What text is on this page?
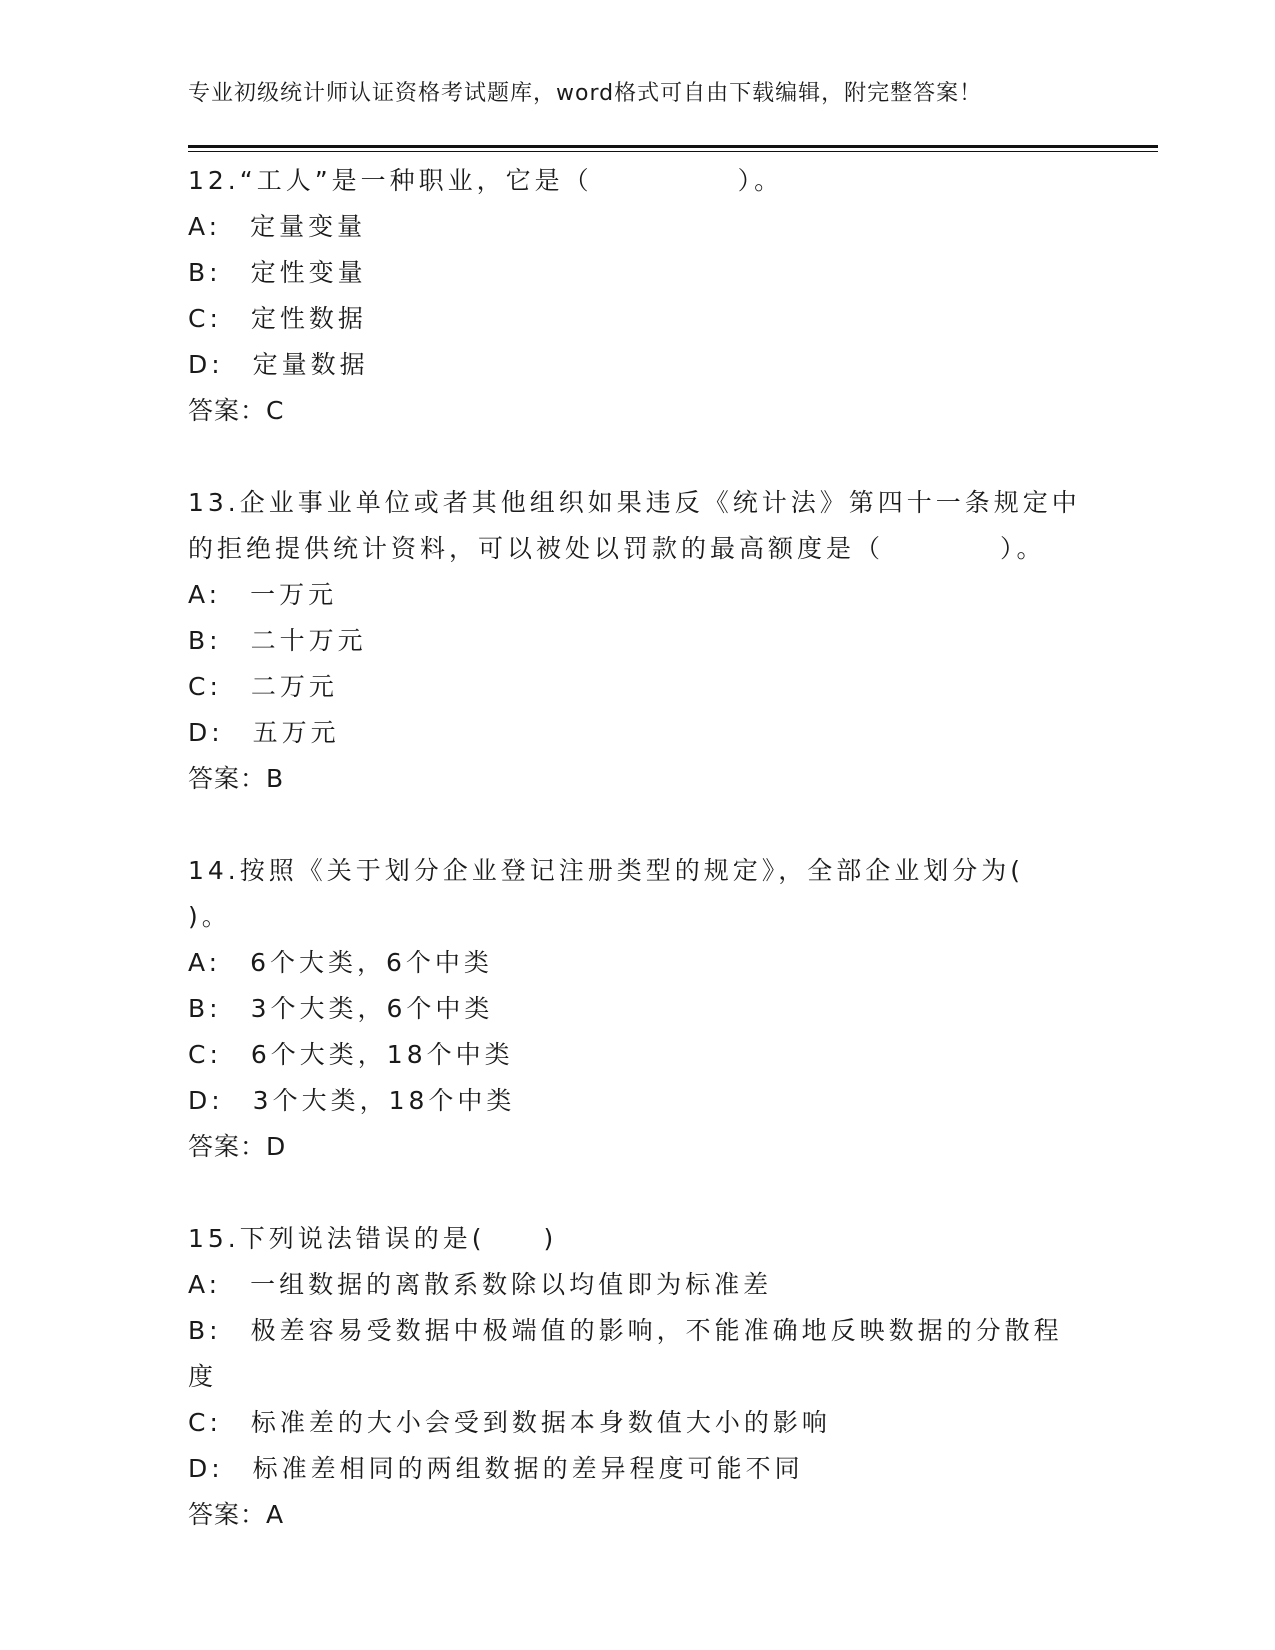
专业初级统计师认证资格考试题库，word格式可自由下载编辑，附完整答案！
12.“工人”是一种职业，它是（　　　　　）。
A:　定量变量
B:　定性变量
C:　定性数据
D:　定量数据
答案：C
13.企业事业单位或者其他组织如果违反《统计法》第四十一条规定中
的拒绝提供统计资料，可以被处以罚款的最高额度是（　　　　）。
A:　一万元
B:　二十万元
C:　二万元
D:　五万元
答案：B
14.按照《关于划分企业登记注册类型的规定》，全部企业划分为(
)。
A:　6个大类，6个中类
B:　3个大类，6个中类
C:　6个大类，18个中类
D:　3个大类，18个中类
答案：D
15.下列说法错误的是(　　)
A:　一组数据的离散系数除以均值即为标准差
B:　极差容易受数据中极端值的影响，不能准确地反映数据的分散程度
C:　标准差的大小会受到数据本身数值大小的影响
D:　标准差相同的两组数据的差异程度可能不同
答案：A
